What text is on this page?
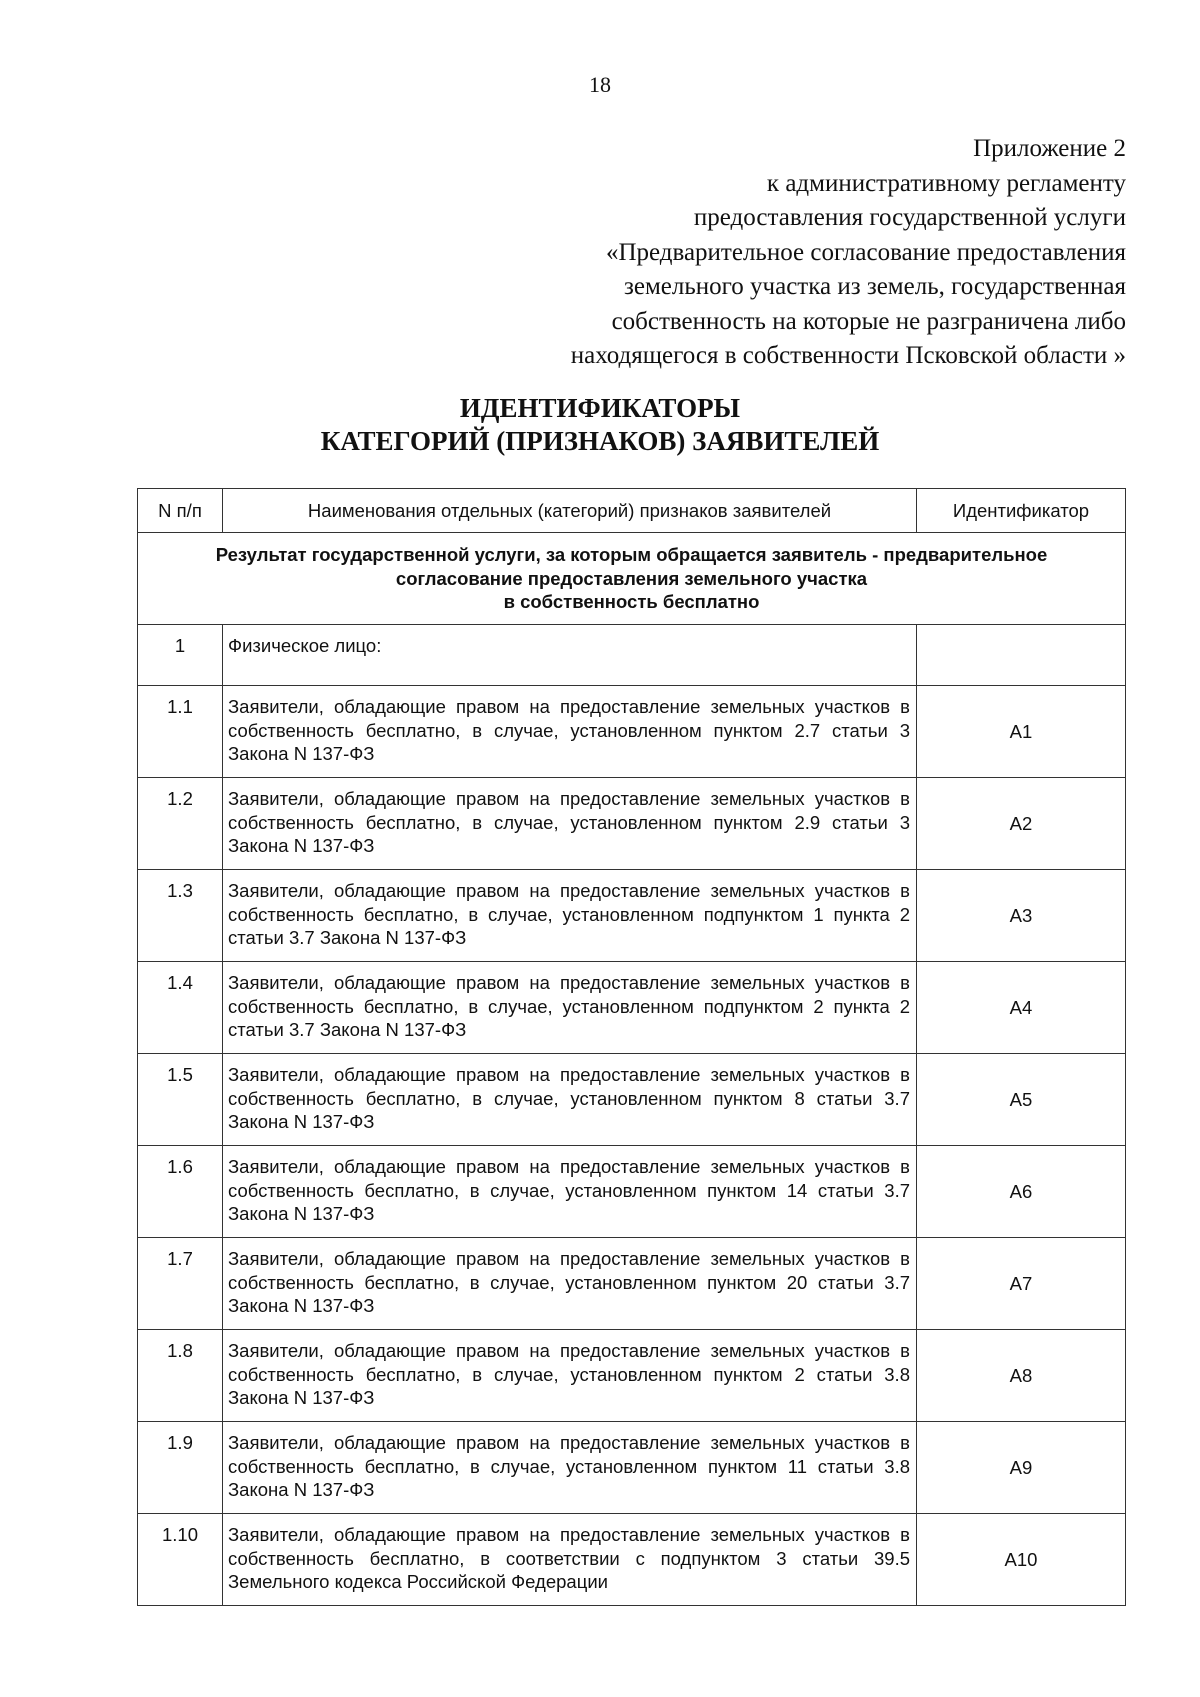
18
Приложение 2
к административному регламенту
предоставления государственной услуги
«Предварительное согласование предоставления
земельного участка из земель, государственная
собственность на которые не разграничена либо
находящегося в собственности Псковской области »
ИДЕНТИФИКАТОРЫ
КАТЕГОРИЙ (ПРИЗНАКОВ) ЗАЯВИТЕЛЕЙ
N п/п	Наименования отдельных (категорий) признаков заявителей	Идентификатор

Результат государственной услуги, за которым обращается заявитель - предварительное
согласование предоставления земельного участка
в собственность бесплатно		

1	Физическое лицо:	
1.1	Заявители, обладающие правом на предоставление земельных участков в собственность бесплатно, в случае, установленном пунктом 2.7 статьи 3 Закона N 137-ФЗ	А1
1.2	Заявители, обладающие правом на предоставление земельных участков в собственность бесплатно, в случае, установленном пунктом 2.9 статьи 3 Закона N 137-ФЗ	А2
1.3	Заявители, обладающие правом на предоставление земельных участков в собственность бесплатно, в случае, установленном подпунктом 1 пункта 2 статьи 3.7 Закона N 137-ФЗ	А3
1.4	Заявители, обладающие правом на предоставление земельных участков в собственность бесплатно, в случае, установленном подпунктом 2 пункта 2 статьи 3.7 Закона N 137-ФЗ	А4
1.5	Заявители, обладающие правом на предоставление земельных участков в собственность бесплатно, в случае, установленном пунктом 8 статьи 3.7 Закона N 137-ФЗ	А5
1.6	Заявители, обладающие правом на предоставление земельных участков в собственность бесплатно, в случае, установленном пунктом 14 статьи 3.7 Закона N 137-ФЗ	А6
1.7	Заявители, обладающие правом на предоставление земельных участков в собственность бесплатно, в случае, установленном пунктом 20 статьи 3.7 Закона N 137-ФЗ	А7
1.8	Заявители, обладающие правом на предоставление земельных участков в собственность бесплатно, в случае, установленном пунктом 2 статьи 3.8 Закона N 137-ФЗ	А8
1.9	Заявители, обладающие правом на предоставление земельных участков в собственность бесплатно, в случае, установленном пунктом 11 статьи 3.8 Закона N 137-ФЗ	А9
1.10	Заявители, обладающие правом на предоставление земельных участков в собственность бесплатно, в соответствии с подпунктом 3 статьи 39.5 Земельного кодекса Российской Федерации	А10
